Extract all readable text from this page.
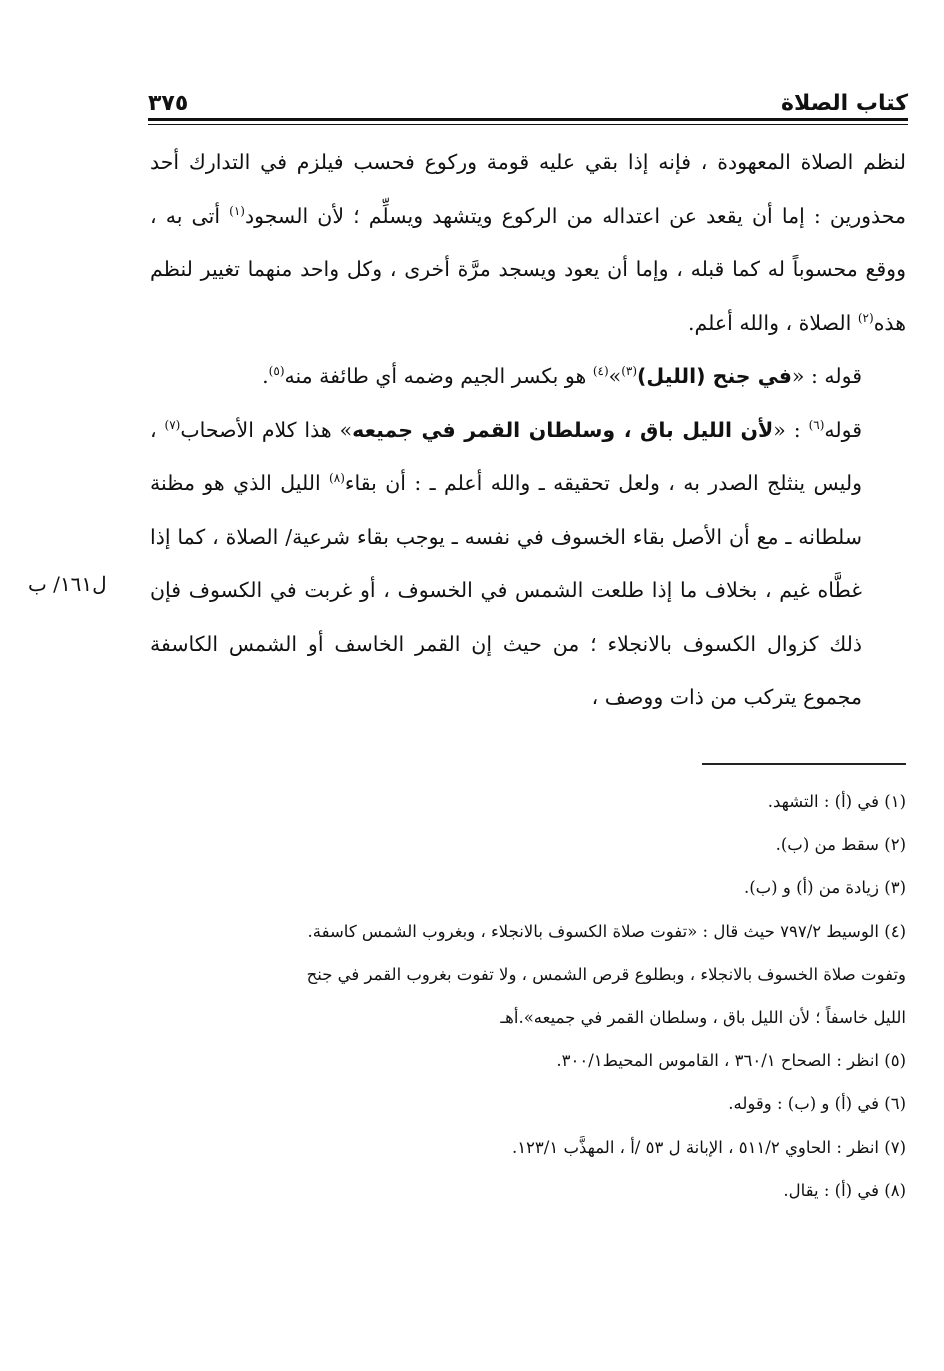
كتاب الصلاة
٣٧٥

لنظم الصلاة المعهودة ، فإنه إذا بقي عليه قومة وركوع فحسب فيلزم في التدارك أحد محذورين : إما أن يقعد عن اعتداله من الركوع ويتشهد ويسلِّم ؛ لأن السجود$^{(١)}$ أتى به ، ووقع محسوباً له كما قبله ، وإما أن يعود ويسجد مرَّة أخرى ، وكل واحد منهما تغيير لنظم هذه$^{(٢)}$ الصلاة ، والله أعلم.

قوله : «في جنح (الليل)$^{(٣)}$»$^{(٤)}$ هو بكسر الجيم وضمه أي طائفة منه$^{(٥)}$.

قوله$^{(٦)}$ : «لأن الليل باق ، وسلطان القمر في جميعه» هذا كلام الأصحاب$^{(٧)}$ ، وليس ينثلج الصدر به ، ولعل تحقيقه ـ والله أعلم ـ : أن بقاء$^{(٨)}$ الليل الذي هو مظنة سلطانه ـ مع أن الأصل بقاء الخسوف في نفسه ـ يوجب بقاء شرعية/ الصلاة ، كما إذا غطَّاه غيم ، بخلاف ما إذا طلعت الشمس في الخسوف ، أو غربت في الكسوف فإن ذلك كزوال الكسوف بالانجلاء ؛ من حيث إن القمر الخاسف أو الشمس الكاسفة مجموع يتركب من ذات ووصف ،

ل١٦١/ ب

(١) في (أ) : التشهد.

(٢) سقط من (ب).

(٣) زيادة من (أ) و (ب).

(٤) الوسيط ٧٩٧/٢ حيث قال : «تفوت صلاة الكسوف بالانجلاء ، وبغروب الشمس كاسفة.

وتفوت صلاة الخسوف بالانجلاء ، وبطلوع قرص الشمس ، ولا تفوت بغروب القمر في جنح

الليل خاسفاً ؛ لأن الليل باق ، وسلطان القمر في جميعه».أهـ

(٥) انظر : الصحاح ٣٦٠/١ ، القاموس المحيط٣٠٠/١.

(٦) في (أ) و (ب) : وقوله.

(٧) انظر : الحاوي ٥١١/٢ ، الإبانة ل ٥٣ /أ ، المهذَّب ١٢٣/١.

(٨) في (أ) : يقال.
